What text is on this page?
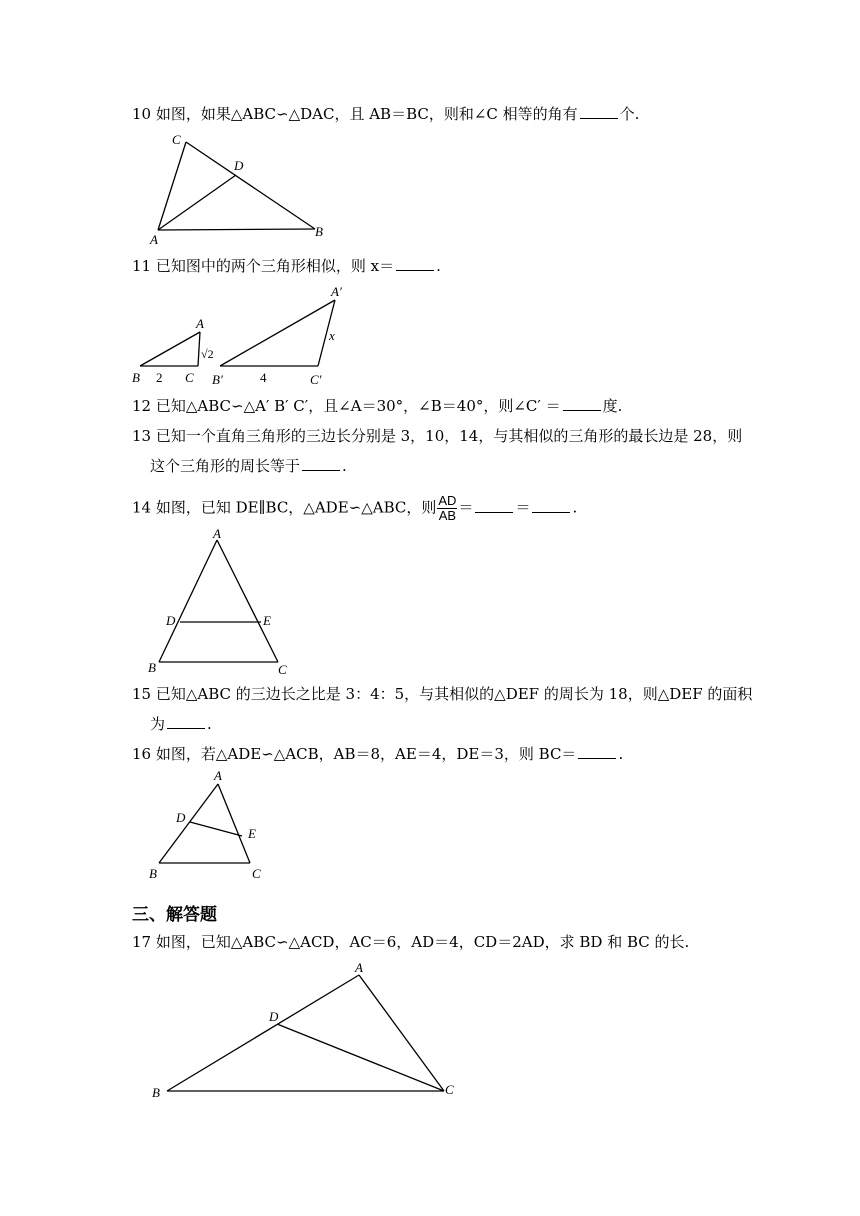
10 如图，如果△ABC∽△DAC，且 AB＝BC，则和∠C 相等的角有	个.
C
D
A
B
11 已知图中的两个三角形相似，则 x＝	.
A
B	C
2
√2
A′
B′	C′
4
x
12 已知△ABC∽△A′ B′ C′，且∠A＝30°，∠B＝40°，则∠C′ ＝	度.
13 已知一个直角三角形的三边长分别是 3，10，14，与其相似的三角形的最长边是 28，则
这个三角形的周长等于	.
14 如图，已知 DE∥BC，△ADE∽△ABC，则 $\frac{AD}{AB}$ ＝	＝	.
A
D	E
B	C
15 已知△ABC 的三边长之比是 3：4：5，与其相似的△DEF 的周长为 18，则△DEF 的面积
为	.
16 如图，若△ADE∽△ACB，AB＝8，AE＝4，DE＝3，则 BC＝	.
A
D
E
B	C
三、解答题
17 如图，已知△ABC∽△ACD，AC＝6，AD＝4，CD＝2AD，求 BD 和 BC 的长.
A
D
B	C
